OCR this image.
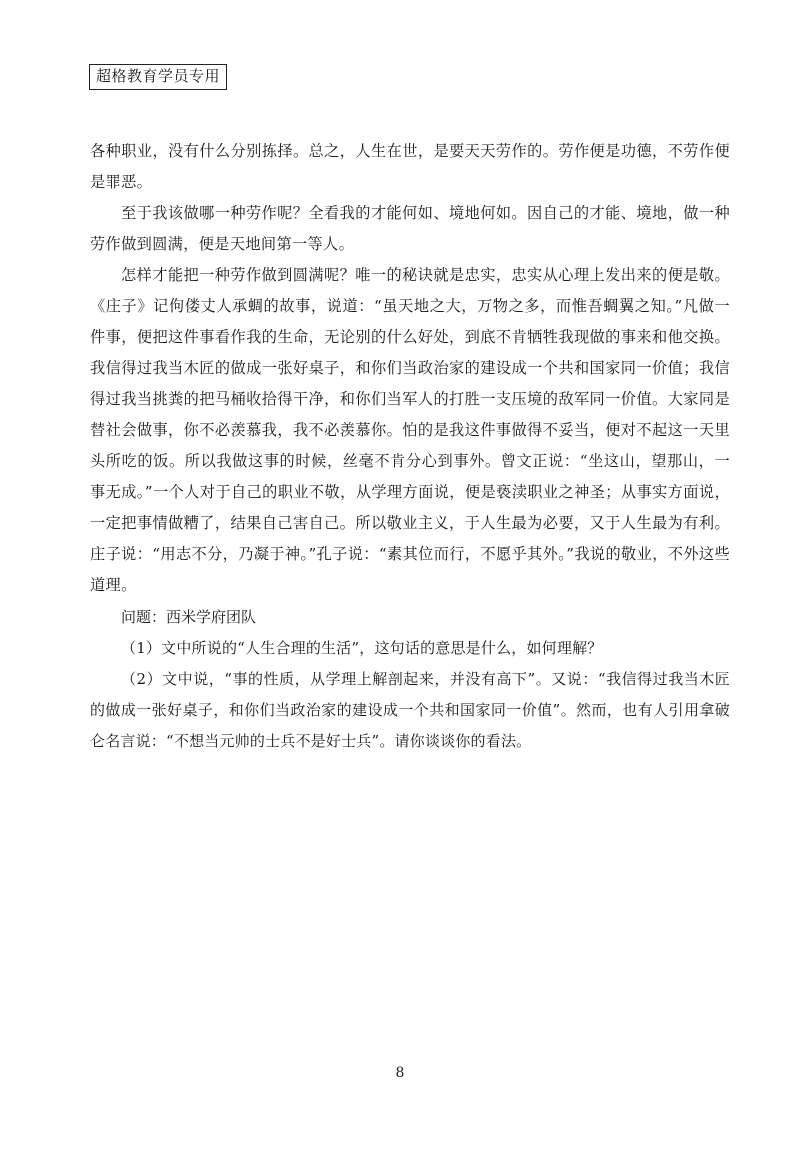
超格教育学员专用

各种职业，没有什么分别拣择。总之，人生在世，是要天天劳作的。劳作便是功德，不劳作便是罪恶。

至于我该做哪一种劳作呢？全看我的才能何如、境地何如。因自己的才能、境地，做一种劳作做到圆满，便是天地间第一等人。

怎样才能把一种劳作做到圆满呢？唯一的秘诀就是忠实，忠实从心理上发出来的便是敬。《庄子》记佝偻丈人承蜩的故事，说道：“虽天地之大，万物之多，而惟吾蜩翼之知。”凡做一件事，便把这件事看作我的生命，无论别的什么好处，到底不肯牺牲我现做的事来和他交换。我信得过我当木匠的做成一张好桌子，和你们当政治家的建设成一个共和国家同一价值；我信得过我当挑粪的把马桶收拾得干净，和你们当军人的打胜一支压境的敌军同一价值。大家同是替社会做事，你不必羡慕我，我不必羡慕你。怕的是我这件事做得不妥当，便对不起这一天里头所吃的饭。所以我做这事的时候，丝毫不肯分心到事外。曾文正说：“坐这山，望那山，一事无成。”一个人对于自己的职业不敬，从学理方面说，便是亵渎职业之神圣；从事实方面说，一定把事情做糟了，结果自己害自己。所以敬业主义，于人生最为必要，又于人生最为有利。庄子说：“用志不分，乃凝于神。”孔子说：“素其位而行，不愿乎其外。”我说的敬业，不外这些道理。

问题：西米学府团队

（1）文中所说的“人生合理的生活”，这句话的意思是什么，如何理解？

（2）文中说，“事的性质，从学理上解剖起来，并没有高下”。又说：“我信得过我当木匠的做成一张好桌子，和你们当政治家的建设成一个共和国家同一价值”。然而，也有人引用拿破仑名言说：“不想当元帅的士兵不是好士兵”。请你谈谈你的看法。

8
